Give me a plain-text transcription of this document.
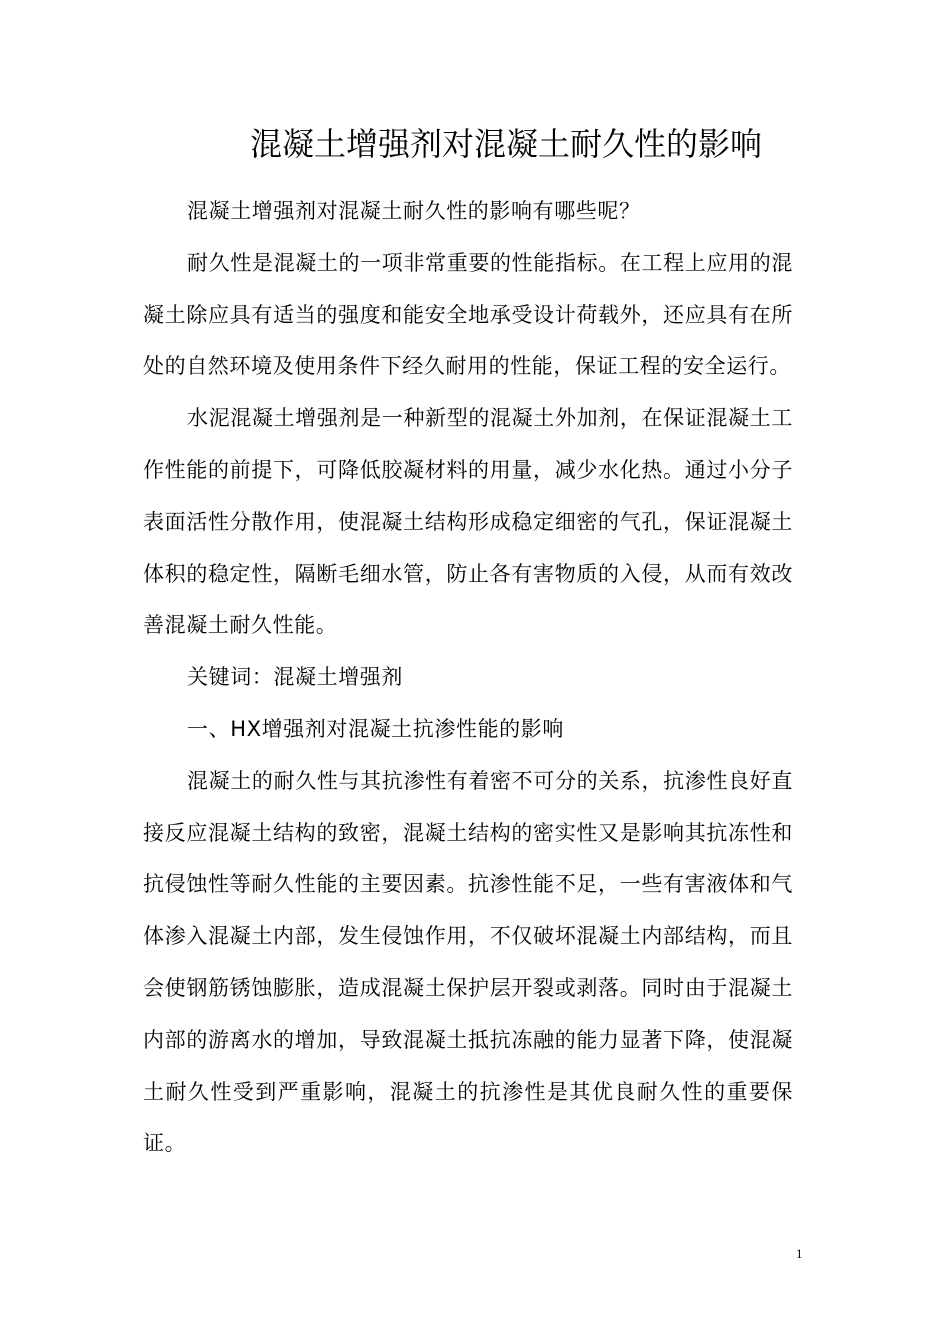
混凝土增强剂对混凝土耐久性的影响

混凝土增强剂对混凝土耐久性的影响有哪些呢？

耐久性是混凝土的一项非常重要的性能指标。在工程上应用的混凝土除应具有适当的强度和能安全地承受设计荷载外，还应具有在所处的自然环境及使用条件下经久耐用的性能，保证工程的安全运行。

水泥混凝土增强剂是一种新型的混凝土外加剂，在保证混凝土工作性能的前提下，可降低胶凝材料的用量，减少水化热。通过小分子表面活性分散作用，使混凝土结构形成稳定细密的气孔，保证混凝土体积的稳定性，隔断毛细水管，防止各有害物质的入侵，从而有效改善混凝土耐久性能。

关键词：混凝土增强剂

一、HX增强剂对混凝土抗渗性能的影响

混凝土的耐久性与其抗渗性有着密不可分的关系，抗渗性良好直接反应混凝土结构的致密，混凝土结构的密实性又是影响其抗冻性和抗侵蚀性等耐久性能的主要因素。抗渗性能不足，一些有害液体和气体渗入混凝土内部，发生侵蚀作用，不仅破坏混凝土内部结构，而且会使钢筋锈蚀膨胀，造成混凝土保护层开裂或剥落。同时由于混凝土内部的游离水的增加，导致混凝土抵抗冻融的能力显著下降，使混凝土耐久性受到严重影响，混凝土的抗渗性是其优良耐久性的重要保证。

1
